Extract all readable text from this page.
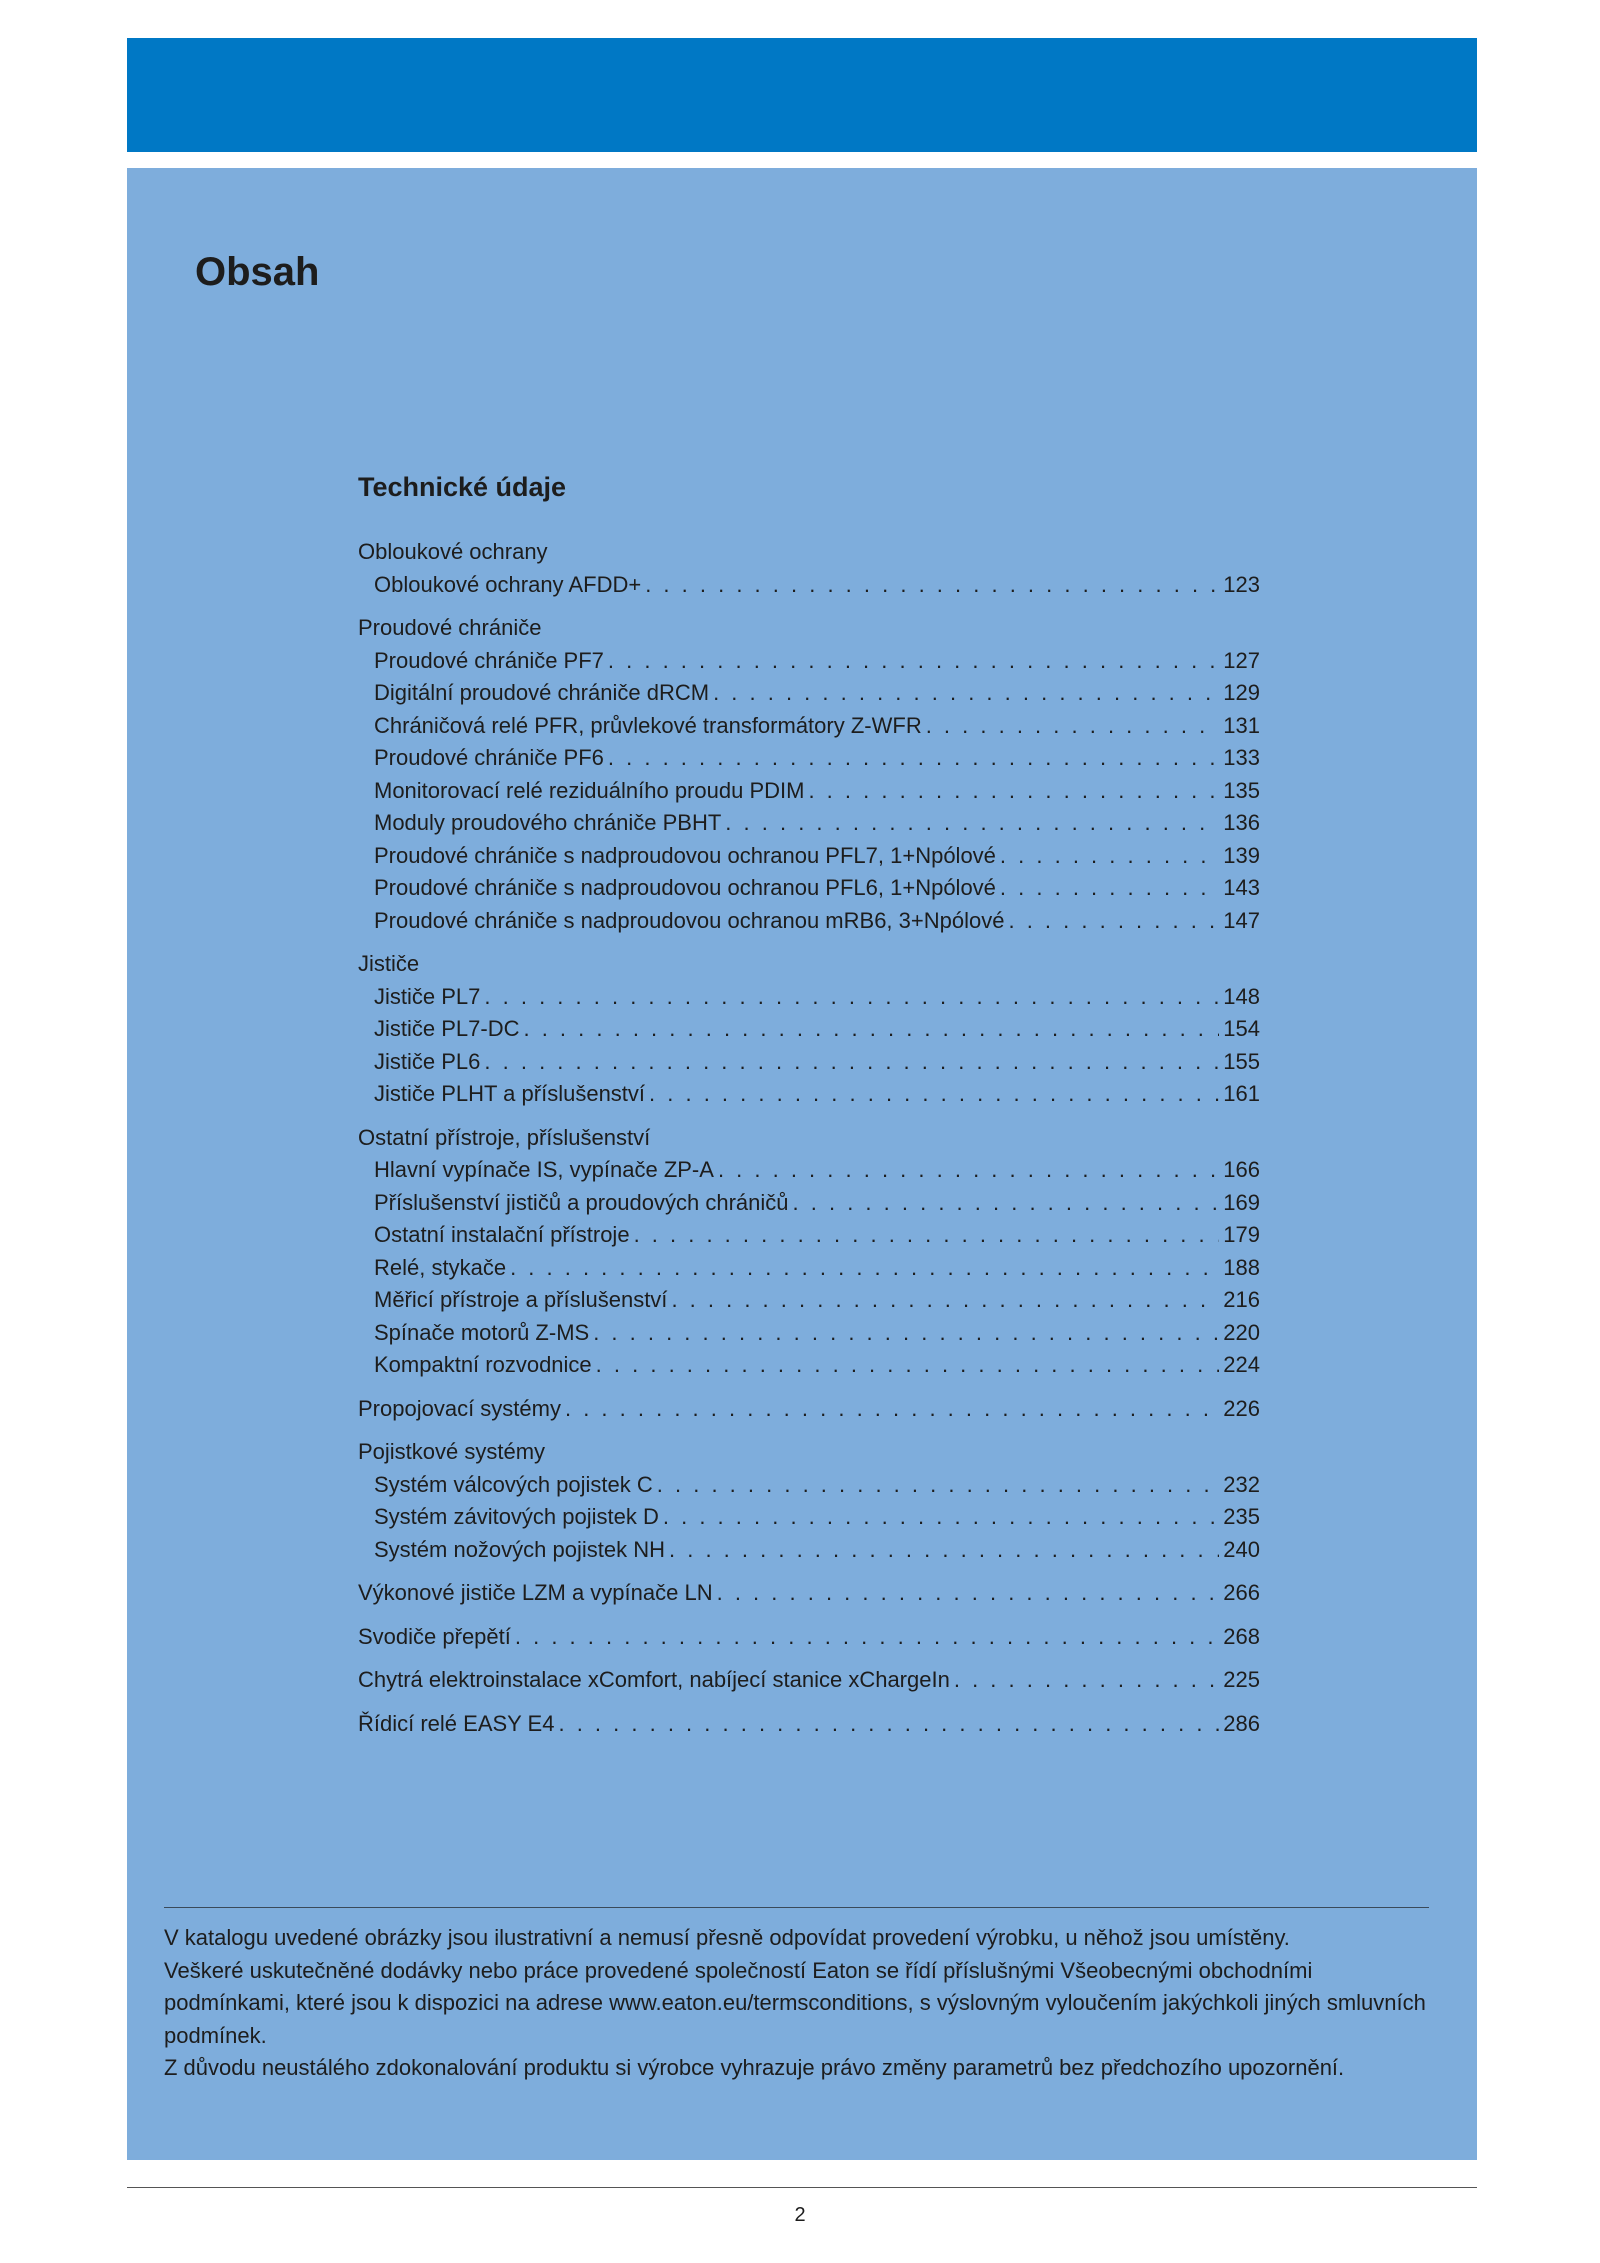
Obsah
Technické údaje
Obloukové ochrany
Obloukové ochrany AFDD+ . . .	123
Proudové chrániče
Proudové chrániče PF7 . . .	127
Digitální proudové chrániče dRCM . . .	129
Chráničová relé PFR, průvlekové transformátory Z-WFR . . .	131
Proudové chrániče PF6 . . .	133
Monitorovací relé reziduálního proudu PDIM . . .	135
Moduly proudového chrániče PBHT . . .	136
Proudové chrániče s nadproudovou ochranou PFL7, 1+Npólové . . .	139
Proudové chrániče s nadproudovou ochranou PFL6, 1+Npólové . . .	143
Proudové chrániče s nadproudovou ochranou mRB6, 3+Npólové . . .	147
Jističe
Jističe PL7 . . .	148
Jističe PL7-DC . . .	154
Jističe PL6 . . .	155
Jističe PLHT a příslušenství . . .	161
Ostatní přístroje, příslušenství
Hlavní vypínače IS, vypínače ZP-A . . .	166
Příslušenství jističů a proudových chráničů . . .	169
Ostatní instalační přístroje . . .	179
Relé, stykače . . .	188
Měřicí přístroje a příslušenství . . .	216
Spínače motorů Z-MS . . .	220
Kompaktní rozvodnice . . .	224
Propojovací systémy . . .	226
Pojistkové systémy
Systém válcových pojistek C . . .	232
Systém závitových pojistek D . . .	235
Systém nožových pojistek NH . . .	240
Výkonové jističe LZM a vypínače LN . . .	266
Svodiče přepětí . . .	268
Chytrá elektroinstalace xComfort, nabíjecí stanice xChargeIn . . .	225
Řídicí relé EASY E4 . . .	286

V katalogu uvedené obrázky jsou ilustrativní a nemusí přesně odpovídat provedení výrobku, u něhož jsou umístěny.

Veškeré uskutečněné dodávky nebo práce provedené společností Eaton se řídí příslušnými Všeobecnými obchodními podmínkami, které jsou k dispozici na adrese www.eaton.eu/termsconditions, s výslovným vyloučením jakýchkoli jiných smluvních podmínek.

Z důvodu neustálého zdokonalování produktu si výrobce vyhrazuje právo změny parametrů bez předchozího upozornění.

2
